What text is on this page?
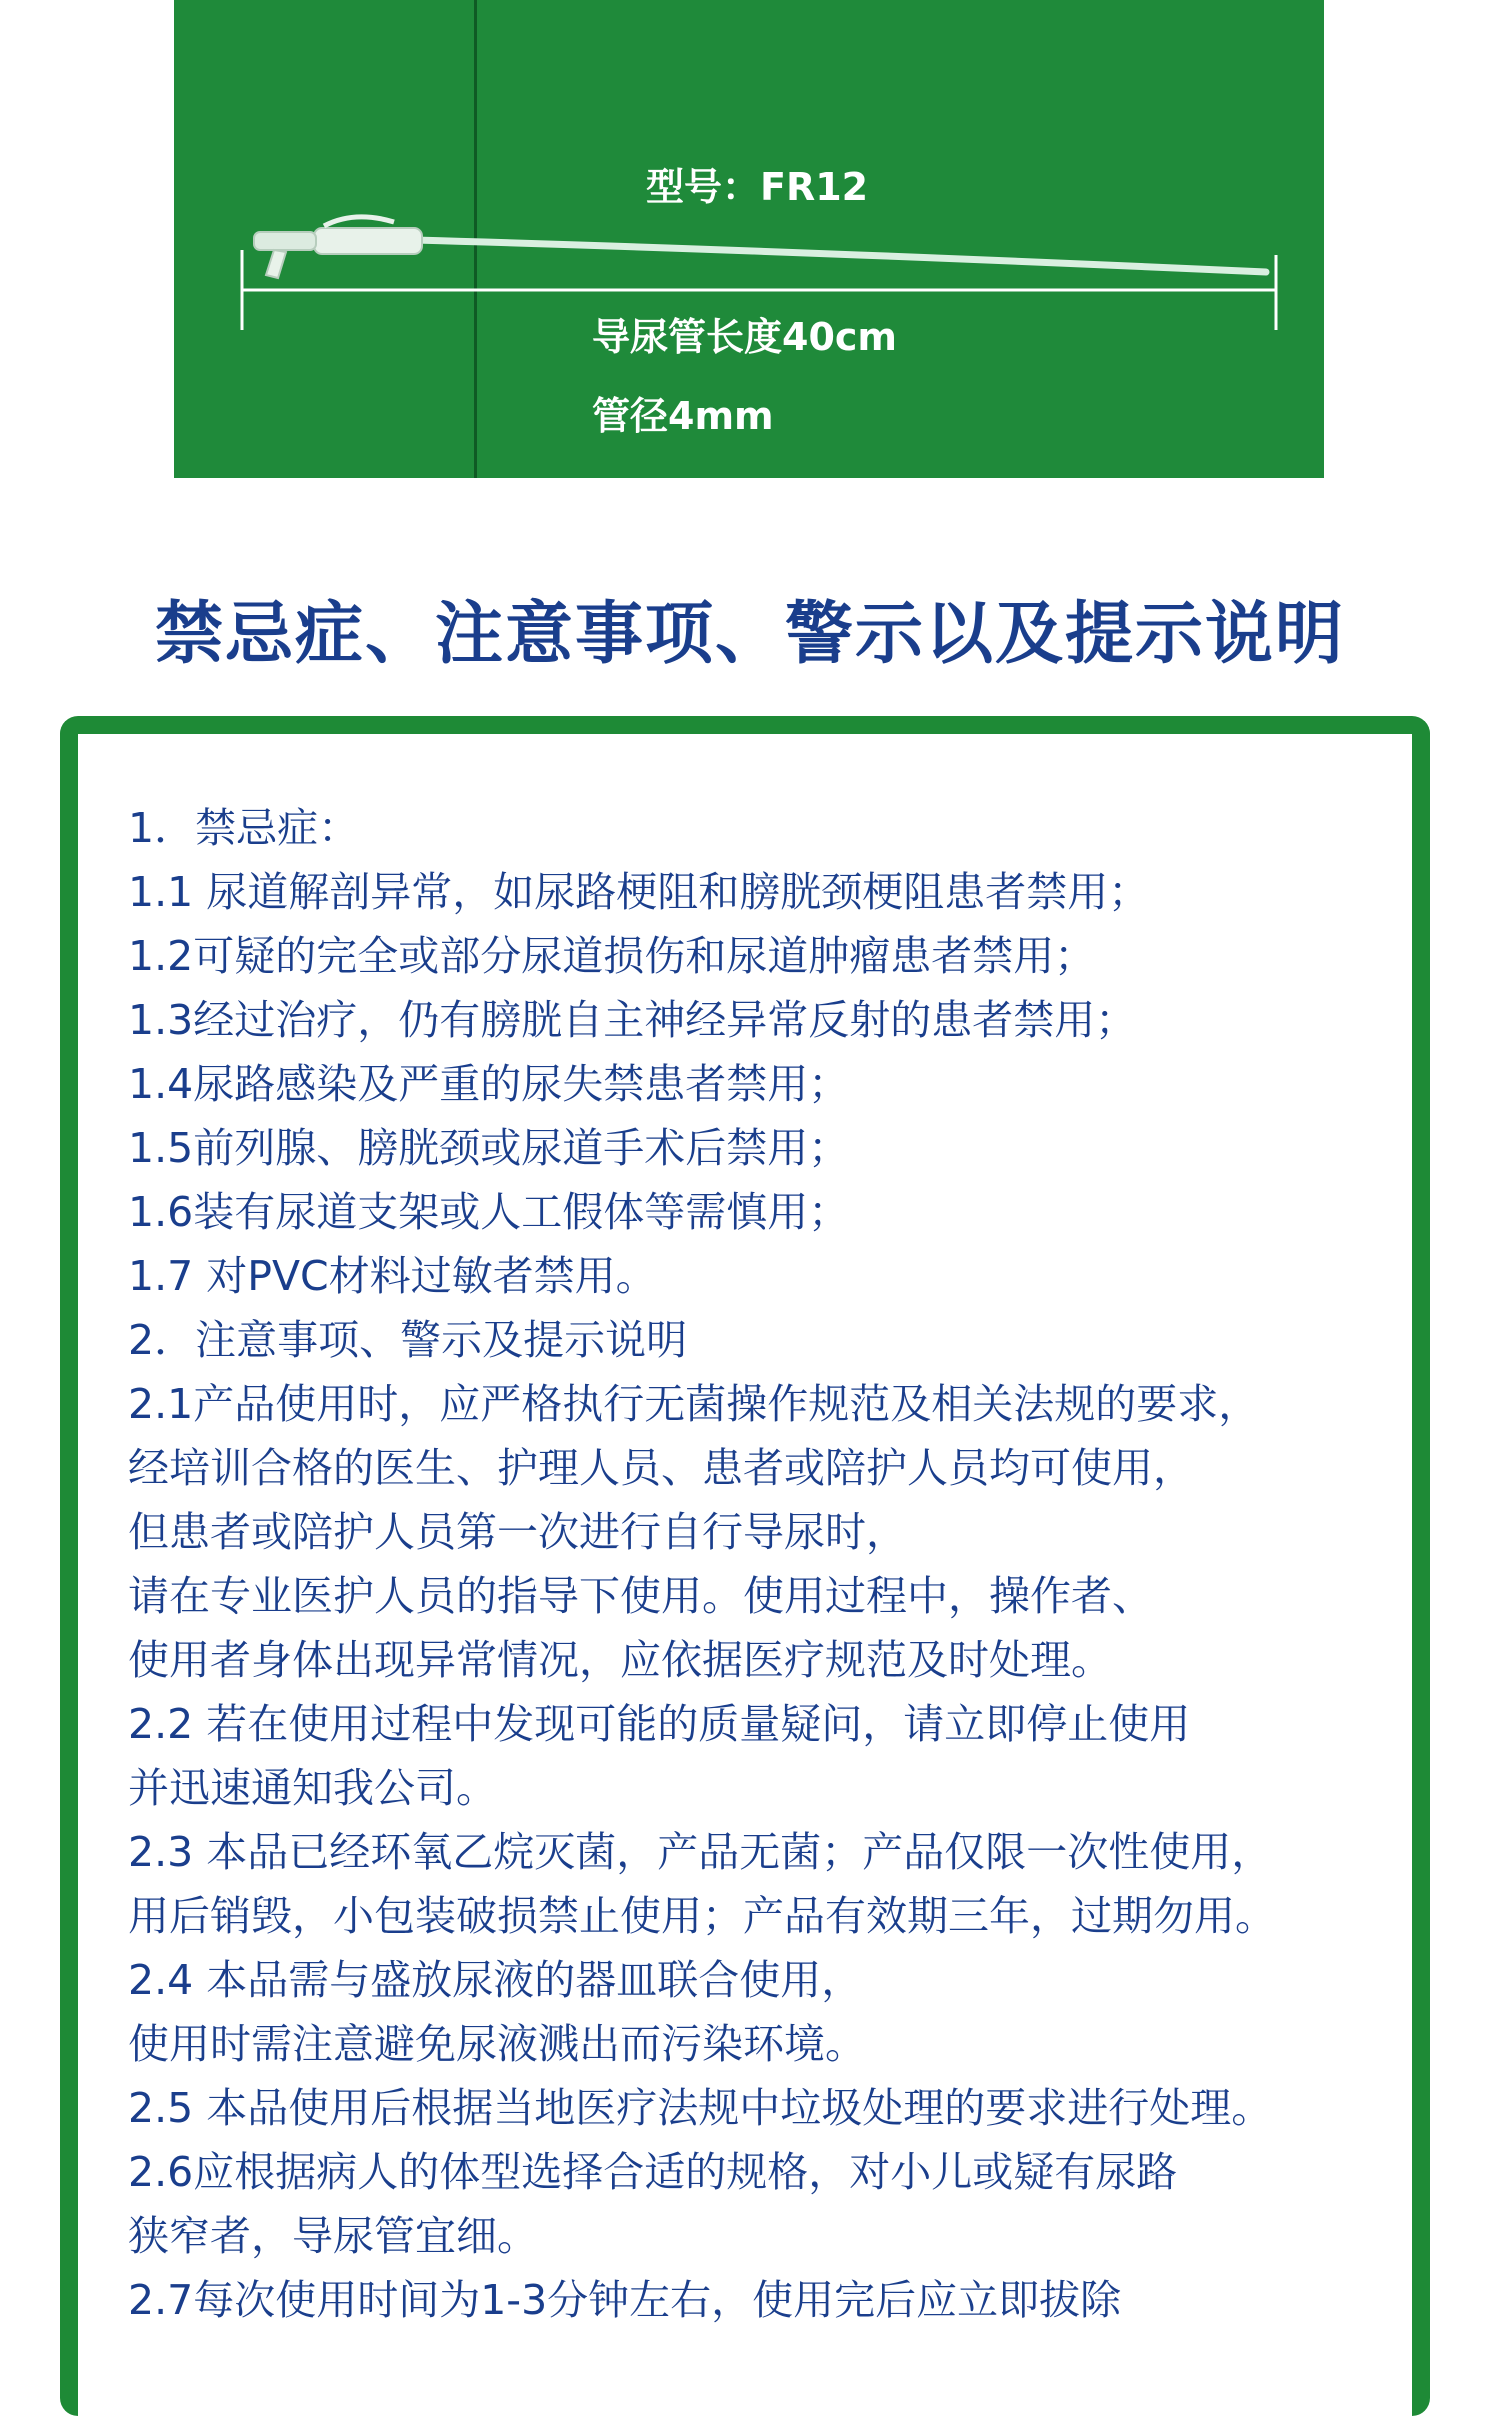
型号：FR12
导尿管长度40cm
管径4mm
禁忌症、注意事项、警示以及提示说明
1．禁忌症：
1.1 尿道解剖异常，如尿路梗阻和膀胱颈梗阻患者禁用；
1.2可疑的完全或部分尿道损伤和尿道肿瘤患者禁用；
1.3经过治疗，仍有膀胱自主神经异常反射的患者禁用；
1.4尿路感染及严重的尿失禁患者禁用；
1.5前列腺、膀胱颈或尿道手术后禁用；
1.6装有尿道支架或人工假体等需慎用；
1.7 对PVC材料过敏者禁用。
2．注意事项、警示及提示说明
2.1产品使用时，应严格执行无菌操作规范及相关法规的要求，
经培训合格的医生、护理人员、患者或陪护人员均可使用，
但患者或陪护人员第一次进行自行导尿时，
请在专业医护人员的指导下使用。使用过程中，操作者、
使用者身体出现异常情况，应依据医疗规范及时处理。
2.2 若在使用过程中发现可能的质量疑问，请立即停止使用
并迅速通知我公司。
2.3 本品已经环氧乙烷灭菌，产品无菌；产品仅限一次性使用，
用后销毁，小包装破损禁止使用；产品有效期三年，过期勿用。
2.4 本品需与盛放尿液的器皿联合使用，
使用时需注意避免尿液溅出而污染环境。
2.5 本品使用后根据当地医疗法规中垃圾处理的要求进行处理。
2.6应根据病人的体型选择合适的规格，对小儿或疑有尿路
狭窄者，导尿管宜细。
2.7每次使用时间为1-3分钟左右，使用完后应立即拔除
